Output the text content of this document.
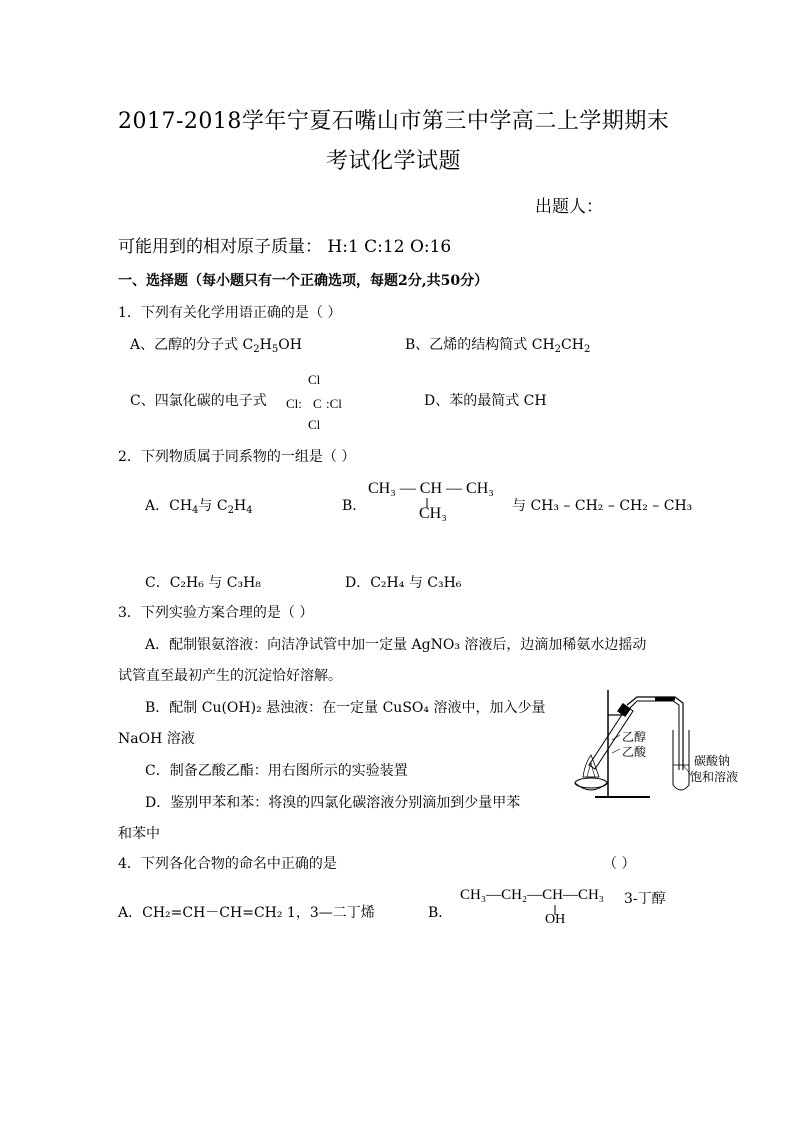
2017-2018学年宁夏石嘴山市第三中学高二上学期期末
考试化学试题
出题人：
可能用到的相对原子质量： H:1 C:12 O:16
一、选择题（每小题只有一个正确选项，每题2分,共50分）
1．下列有关化学用语正确的是（ ）
A、乙醇的分子式 $C_2H_5OH$	B、乙烯的结构简式 $CH_2CH_2$
C、四氯化碳的电子式
Cl
Cl: C :Cl
Cl
D、苯的最简式 CH
2．下列物质属于同系物的一组是（ ）
A．$CH_4$与 $C_2H_4$	B．
CH₃ — CH — CH₃
CH₃	与 CH₃ – CH₂ – CH₂ – CH₃
C．C₂H₆ 与 C₃H₈	D．C₂H₄ 与 C₃H₆
3．下列实验方案合理的是（ ）
A．配制银氨溶液：向洁净试管中加一定量 AgNO₃ 溶液后，边滴加稀氨水边摇动
试管直至最初产生的沉淀恰好溶解。
B．配制 Cu(OH)₂ 悬浊液：在一定量 CuSO₄ 溶液中，加入少量
NaOH 溶液
C．制备乙酸乙酯：用右图所示的实验装置
D．鉴别甲苯和苯：将溴的四氯化碳溶液分别滴加到少量甲苯
和苯中
乙醇
乙酸
碳酸钠
饱和溶液
4．下列各化合物的命名中正确的是	（ ）
A．CH₂=CH－CH=CH₂ 1，3—二丁烯	B．
CH₃—CH₂—CH—CH₃
OH
3-丁醇
